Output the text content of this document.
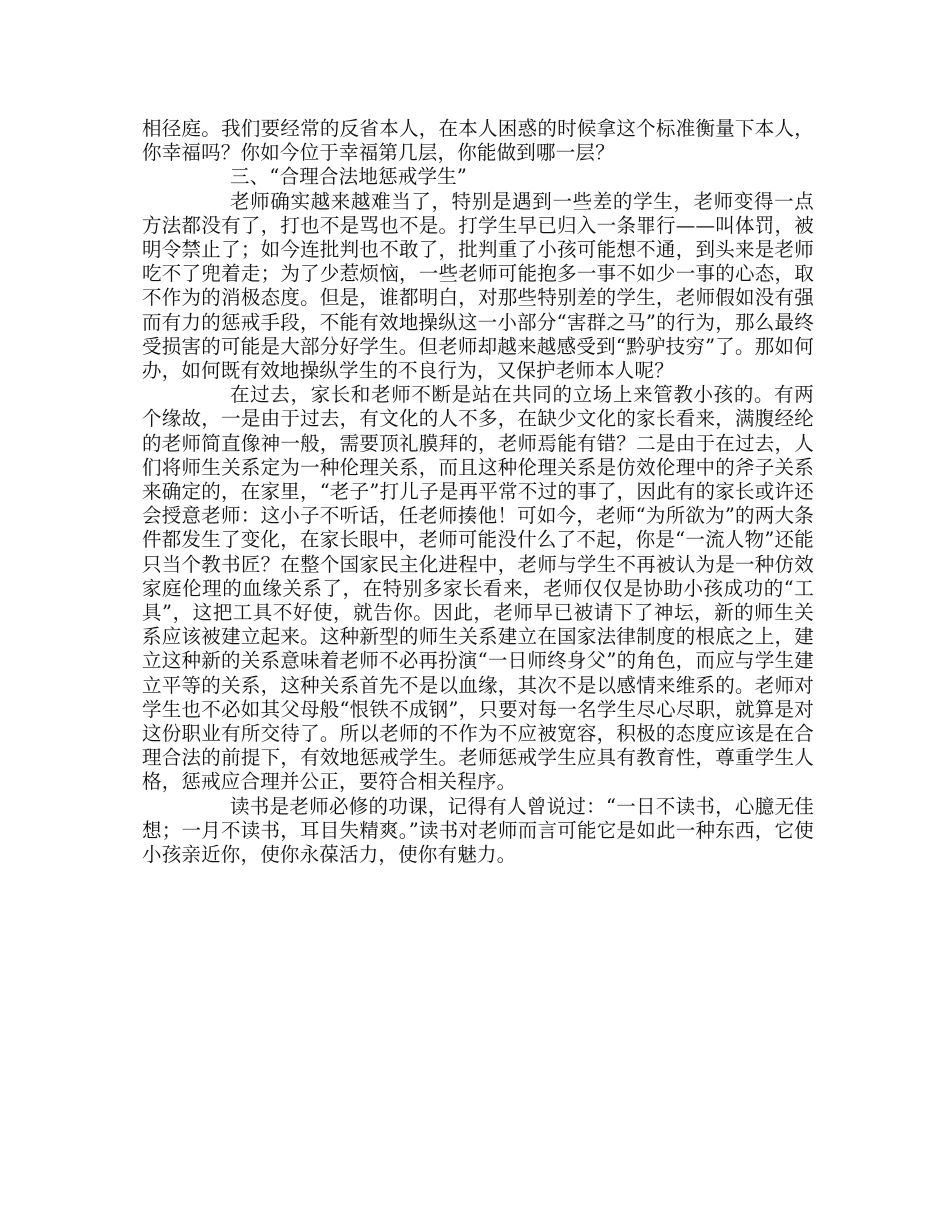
相径庭。我们要经常的反省本人，在本人困惑的时候拿这个标准衡量下本人，你幸福吗？你如今位于幸福第几层，你能做到哪一层？

三、“合理合法地惩戒学生”

老师确实越来越难当了，特别是遇到一些差的学生，老师变得一点方法都没有了，打也不是骂也不是。打学生早已归入一条罪行——叫体罚，被明令禁止了；如今连批判也不敢了，批判重了小孩可能想不通，到头来是老师吃不了兜着走；为了少惹烦恼，一些老师可能抱多一事不如少一事的心态，取不作为的消极态度。但是，谁都明白，对那些特别差的学生，老师假如没有强而有力的惩戒手段，不能有效地操纵这一小部分“害群之马”的行为，那么最终受损害的可能是大部分好学生。但老师却越来越感受到“黔驴技穷”了。那如何办，如何既有效地操纵学生的不良行为，又保护老师本人呢？

在过去，家长和老师不断是站在共同的立场上来管教小孩的。有两个缘故，一是由于过去，有文化的人不多，在缺少文化的家长看来，满腹经纶的老师简直像神一般，需要顶礼膜拜的，老师焉能有错？二是由于在过去，人们将师生关系定为一种伦理关系，而且这种伦理关系是仿效伦理中的斧子关系来确定的，在家里，“老子”打儿子是再平常不过的事了，因此有的家长或许还会授意老师：这小子不听话，任老师揍他！可如今，老师“为所欲为”的两大条件都发生了变化，在家长眼中，老师可能没什么了不起，你是“一流人物”还能只当个教书匠？在整个国家民主化进程中，老师与学生不再被认为是一种仿效家庭伦理的血缘关系了，在特别多家长看来，老师仅仅是协助小孩成功的“工具”，这把工具不好使，就告你。因此，老师早已被请下了神坛，新的师生关系应该被建立起来。这种新型的师生关系建立在国家法律制度的根底之上，建立这种新的关系意味着老师不必再扮演“一日师终身父”的角色，而应与学生建立平等的关系，这种关系首先不是以血缘，其次不是以感情来维系的。老师对学生也不必如其父母般“恨铁不成钢”，只要对每一名学生尽心尽职，就算是对这份职业有所交待了。所以老师的不作为不应被宽容，积极的态度应该是在合理合法的前提下，有效地惩戒学生。老师惩戒学生应具有教育性，尊重学生人格，惩戒应合理并公正，要符合相关程序。

读书是老师必修的功课，记得有人曾说过：“一日不读书，心臆无佳想；一月不读书，耳目失精爽。”读书对老师而言可能它是如此一种东西，它使小孩亲近你，使你永葆活力，使你有魅力。
